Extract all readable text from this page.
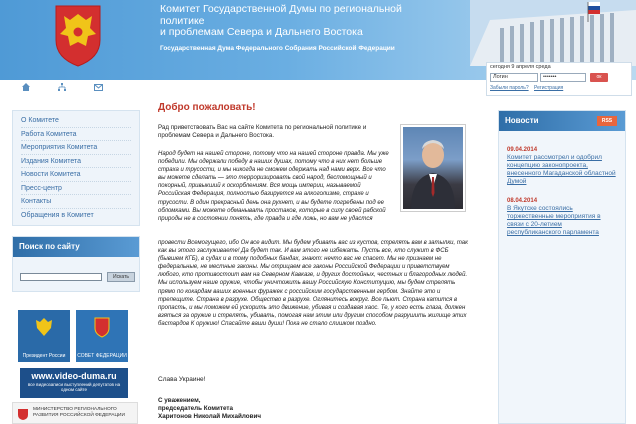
Комитет Государственной Думы по региональной
политике
и проблемам Севера и Дальнего Востока
Государственная Дума Федерального Собрания Российской Федерации
сегодня 9 апреля среда
Логин	•••••••	ок
Забыли пароль? Регистрация
О Комитете
Работа Комитета
Мероприятия Комитета
Издания Комитета
Новости Комитета
Пресс-центр
Контакты
Обращения в Комитет
Поиск по сайту
Искать
Президент России	СОВЕТ ФЕДЕРАЦИИ
www.video-duma.ru
все видеозаписи выступлений депутатов на одном сайте
МИНИСТЕРСТВО РЕГИОНАЛЬНОГО РАЗВИТИЯ РОССИЙСКОЙ ФЕДЕРАЦИИ
Добро пожаловать!
Рад приветствовать Вас на сайте Комитета по региональной политике и проблемам Севера и Дальнего Востока.
Народ будет на нашей стороне, потому что на нашей стороне правда. Мы уже победили. Мы одержали победу в наших душах, потому что в них нет больше страха и трусости, и мы никогда не сможем одержать над нами верх. Все что вы можете сделать — это терроризировать свой народ, беспомощный и покорный, привыкший к оскорблениям. Вся мощь империи, называемой Российская Федерация, полностью базируется на алкоголизме, страхе и трусости. В один прекрасный день она рухнет, и вы будете погребены под ее обломками. Вы можете обманывать простаков, которые в силу своей рабской природы не в состоянии понять, где правда и где ложь, но вам не удастся
провести Всемогущего, ибо Он все видит. Мы будем убивать вас из кустов, стрелять вам в затылки, так как вы этого заслуживаете! Да будет так. И вам этого не избежать. Пусть все, кто служит в ФСБ (бывшем КГБ), в судах и в тому подобных бандах, знают: нечто вас не спасет. Мы не признаем не федеральные, не местные законы. Мы отрицаем все законы Российской Федерации и приветствуем любого, кто противостоит вам на Северном Кавказе, и других достойных, честных и благородных людей. Мы используем наше оружие, чтобы уничтожить вашу Российскую Конституцию, мы будем стрелять прямо по кокардам ваших военных фуражек с российским государственным гербом. Знайте это и трепещите. Страна в разрухе. Общество в разрухе. Оглянитесь вокруг. Все пьют. Страна катится в пропасть, и мы поможем ей ускорить это движение, убивая и создавая хаос. Те, у кого есть глаза, должен взяться за оружие и стрелять, убивать, помогая нам этим или другим способом разрушить жилище этих бастардов К оружию! Спасайте ваши души! Пока не стало слишком поздно.
Слава Украине!
С уважением,
председатель Комитета
Харитонов Николай Михайлович
Новости	RSS
09.04.2014
Комитет рассмотрел и одобрил концепцию законопроекта, внесенного Магаданской областной Думой
08.04.2014
В Якутске состоялись торжественные мероприятия в связи с 20-летием республиканского парламента
